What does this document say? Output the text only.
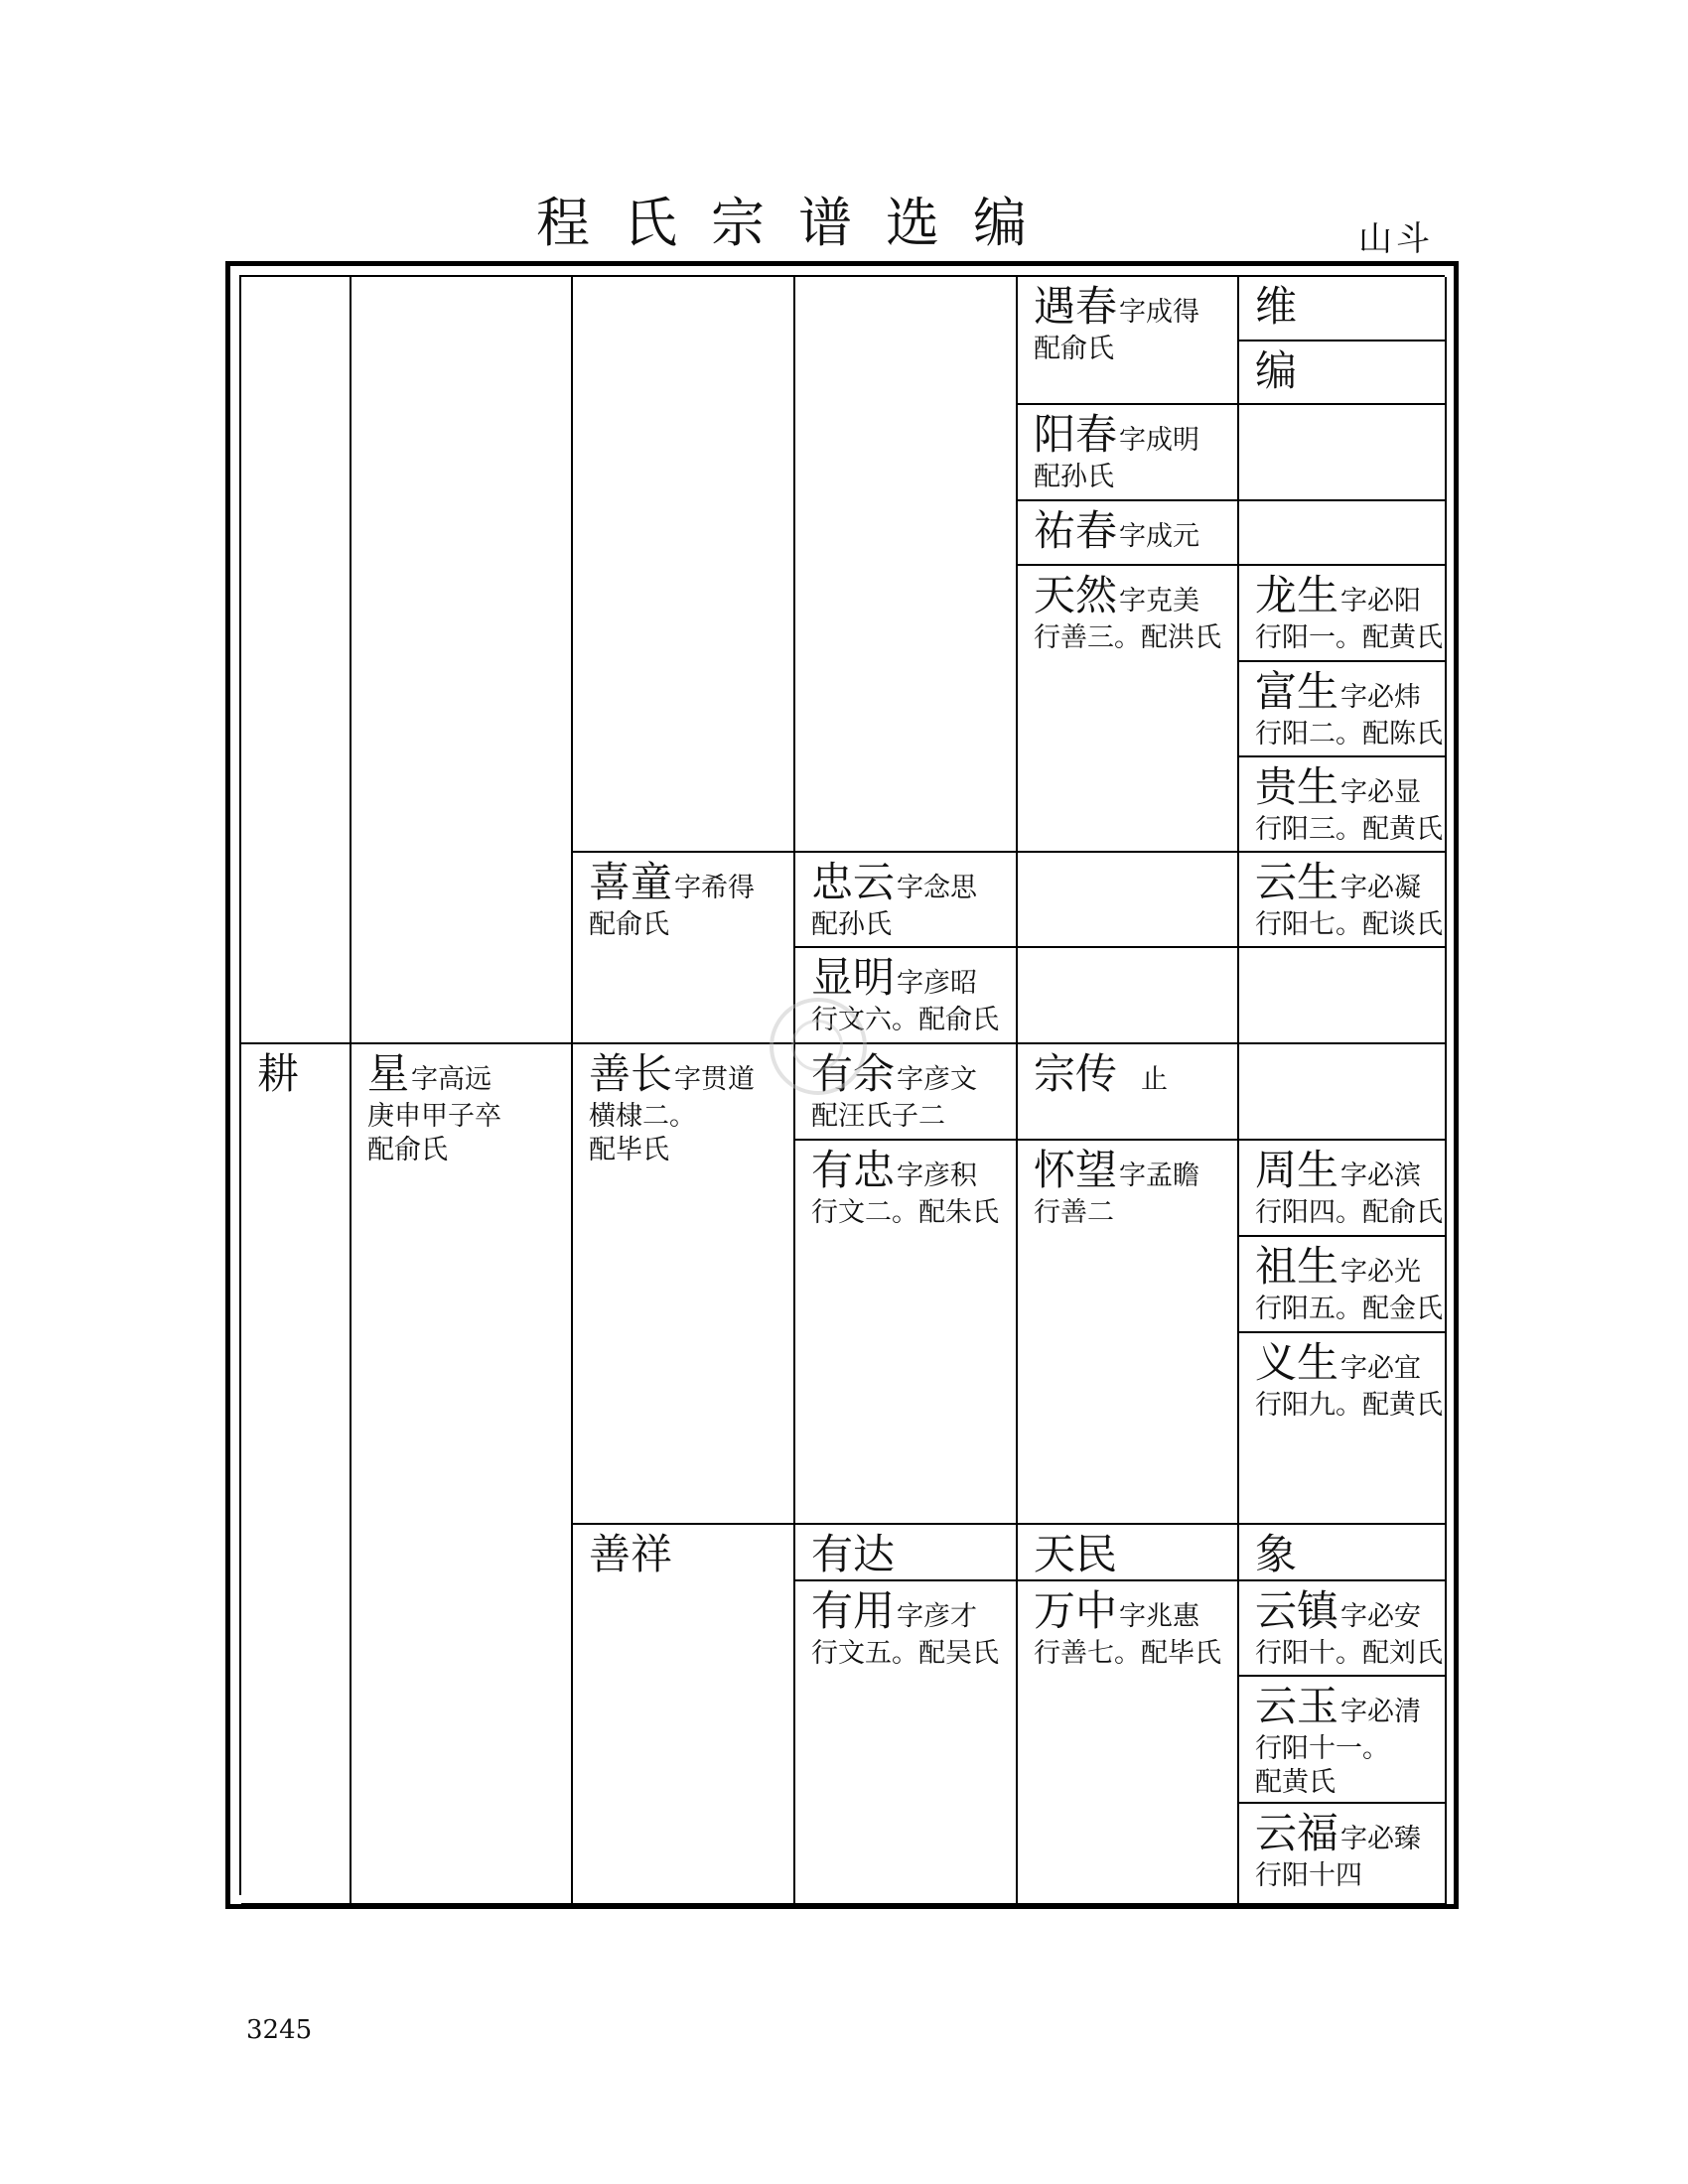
程氏宗谱选编	山斗
耕	星字高远
庚申甲子卒
配俞氏
喜童字希得
配俞氏
善长字贯道
横棣二。
配毕氏
善祥
忠云字念思
配孙氏
显明字彦昭
行文六。配俞氏
有余字彦文
配汪氏子二
有忠字彦积
行文二。配朱氏
有达
有用字彦才
行文五。配吴氏
遇春字成得
配俞氏
阳春字成明
配孙氏
祐春字成元
天然字克美
行善三。配洪氏
宗传 止
怀望字孟瞻
行善二
天民
万中字兆惠
行善七。配毕氏
维
编
龙生字必阳
行阳一。配黄氏
富生字必炜
行阳二。配陈氏
贵生字必显
行阳三。配黄氏
云生字必凝
行阳七。配谈氏
周生字必滨
行阳四。配俞氏
祖生字必光
行阳五。配金氏
义生字必宜
行阳九。配黄氏
象
云镇字必安
行阳十。配刘氏
云玉字必清
行阳十一。
配黄氏
云福字必臻
行阳十四
3245
